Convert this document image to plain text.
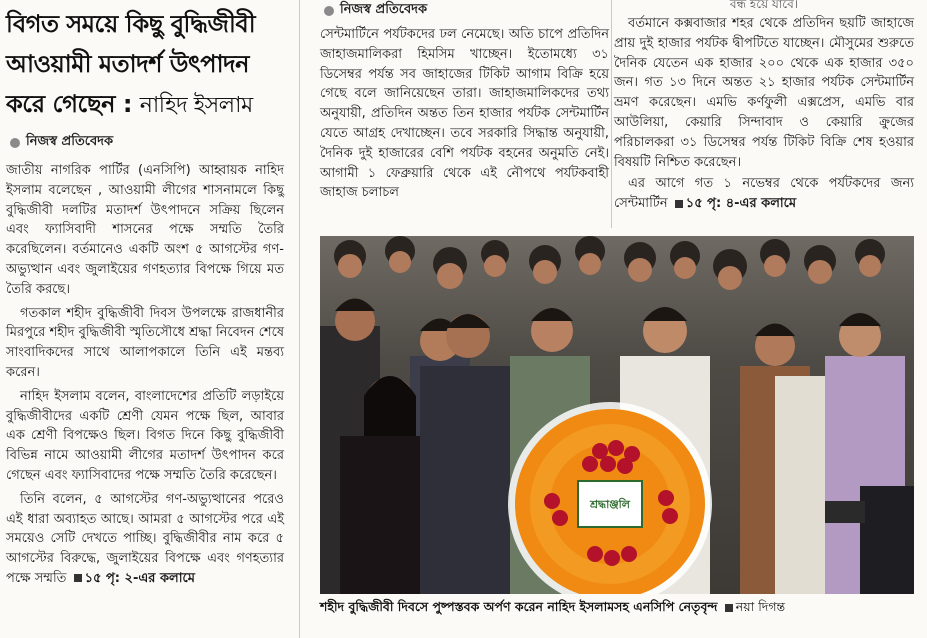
বিগত সময়ে কিছু বুদ্ধিজীবী
আওয়ামী মতাদর্শ উৎপাদন
করে গেছেন : নাহিদ ইসলাম
নিজস্ব প্রতিবেদক

জাতীয় নাগরিক পার্টির (এনসিপি) আহ্বায়ক নাহিদ ইসলাম বলেছেন , আওয়ামী লীগের শাসনামলে কিছু বুদ্ধিজীবী দলটির মতাদর্শ উৎপাদনে সক্রিয় ছিলেন এবং ফ্যাসিবাদী শাসনের পক্ষে সম্মতি তৈরি করেছিলেন। বর্তমানেও একটি অংশ ৫ আগস্টের গণ-অভ্যুত্থান এবং জুলাইয়ের গণহত্যার বিপক্ষে গিয়ে মত তৈরি করছে।

গতকাল শহীদ বুদ্ধিজীবী দিবস উপলক্ষে রাজধানীর মিরপুরে শহীদ বুদ্ধিজীবী স্মৃতিসৌধে শ্রদ্ধা নিবেদন শেষে সাংবাদিকদের সাথে আলাপকালে তিনি এই মন্তব্য করেন।

নাহিদ ইসলাম বলেন, বাংলাদেশের প্রতিটি লড়াইয়ে বুদ্ধিজীবীদের একটি শ্রেণী যেমন পক্ষে ছিল, আবার এক শ্রেণী বিপক্ষেও ছিল। বিগত দিনে কিছু বুদ্ধিজীবী বিভিন্ন নামে আওয়ামী লীগের মতাদর্শ উৎপাদন করে গেছেন এবং ফ্যাসিবাদের পক্ষে সম্মতি তৈরি করেছেন।

তিনি বলেন, ৫ আগস্টের গণ-অভ্যুত্থানের পরেও এই ধারা অব্যাহত আছে। আমরা ৫ আগস্টের পরে এই সময়েও সেটি দেখতে পাচ্ছি। বুদ্ধিজীবীর নাম করে ৫ আগস্টের বিরুদ্ধে, জুলাইয়ের বিপক্ষে এবং গণহত্যার পক্ষে সম্মতি ১৫ পৃ: ২-এর কলামে

নিজস্ব প্রতিবেদক

সেন্টমার্টিনে পর্যটকদের ঢল নেমেছে। অতি চাপে প্রতিদিন জাহাজমালিকরা হিমসিম খাচ্ছেন। ইতোমধ্যে ৩১ ডিসেম্বর পর্যন্ত সব জাহাজের টিকিট আগাম বিক্রি হয়ে গেছে বলে জানিয়েছেন তারা। জাহাজমালিকদের তথ্য অনুযায়ী, প্রতিদিন অন্তত তিন হাজার পর্যটক সেন্টমার্টিন যেতে আগ্রহ দেখাচ্ছেন। তবে সরকারি সিদ্ধান্ত অনুযায়ী, দৈনিক দুই হাজারের বেশি পর্যটক বহনের অনুমতি নেই। আগামী ১ ফেব্রুয়ারি থেকে এই নৌপথে পর্যটকবাহী জাহাজ চলাচল

বন্ধ হয়ে যাবে।

বর্তমানে কক্সবাজার শহর থেকে প্রতিদিন ছয়টি জাহাজে প্রায় দুই হাজার পর্যটক দ্বীপটিতে যাচ্ছেন। মৌসুমের শুরুতে দৈনিক যেতেন এক হাজার ২০০ থেকে এক হাজার ৩৫০ জন। গত ১৩ দিনে অন্তত ২১ হাজার পর্যটক সেন্টমার্টিন ভ্রমণ করেছেন। এমভি কর্ণফুলী এক্সপ্রেস, এমভি বার আউলিয়া, কেয়ারি সিন্দাবাদ ও কেয়ারি ক্রুজের পরিচালকরা ৩১ ডিসেম্বর পর্যন্ত টিকিট বিক্রি শেষ হওয়ার বিষয়টি নিশ্চিত করেছেন।

এর আগে গত ১ নভেম্বর থেকে পর্যটকদের জন্য সেন্টমার্টিন ১৫ পৃ: ৪-এর কলামে

শ্রদ্ধাঞ্জলি
শহীদ বুদ্ধিজীবী দিবসে পুষ্পস্তবক অর্পণ করেন নাহিদ ইসলামসহ এনসিপি নেতৃবৃন্দ নয়া দিগন্ত
